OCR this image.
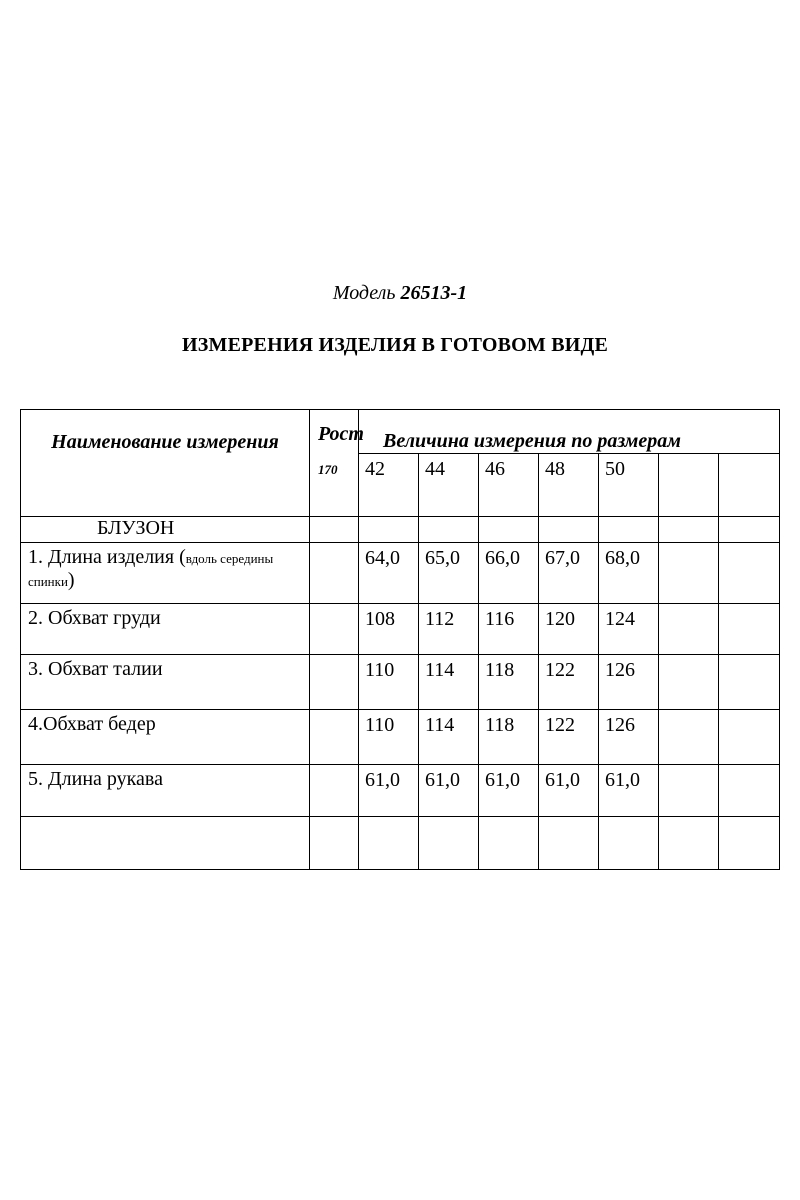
Модель 26513-1
ИЗМЕРЕНИЯ ИЗДЕЛИЯ В ГОТОВОМ ВИДЕ
Наименование измерения	Рост
170	Величина измерения по размерам						
		42	44	46	48	50		
БЛУЗОН								
1. Длина изделия (вдоль середины спинки)		64,0	65,0	66,0	67,0	68,0		
2. Обхват груди		108	112	116	120	124		
3. Обхват талии		110	114	118	122	126		
4.Обхват бедер		110	114	118	122	126		
5. Длина рукава		61,0	61,0	61,0	61,0	61,0		
